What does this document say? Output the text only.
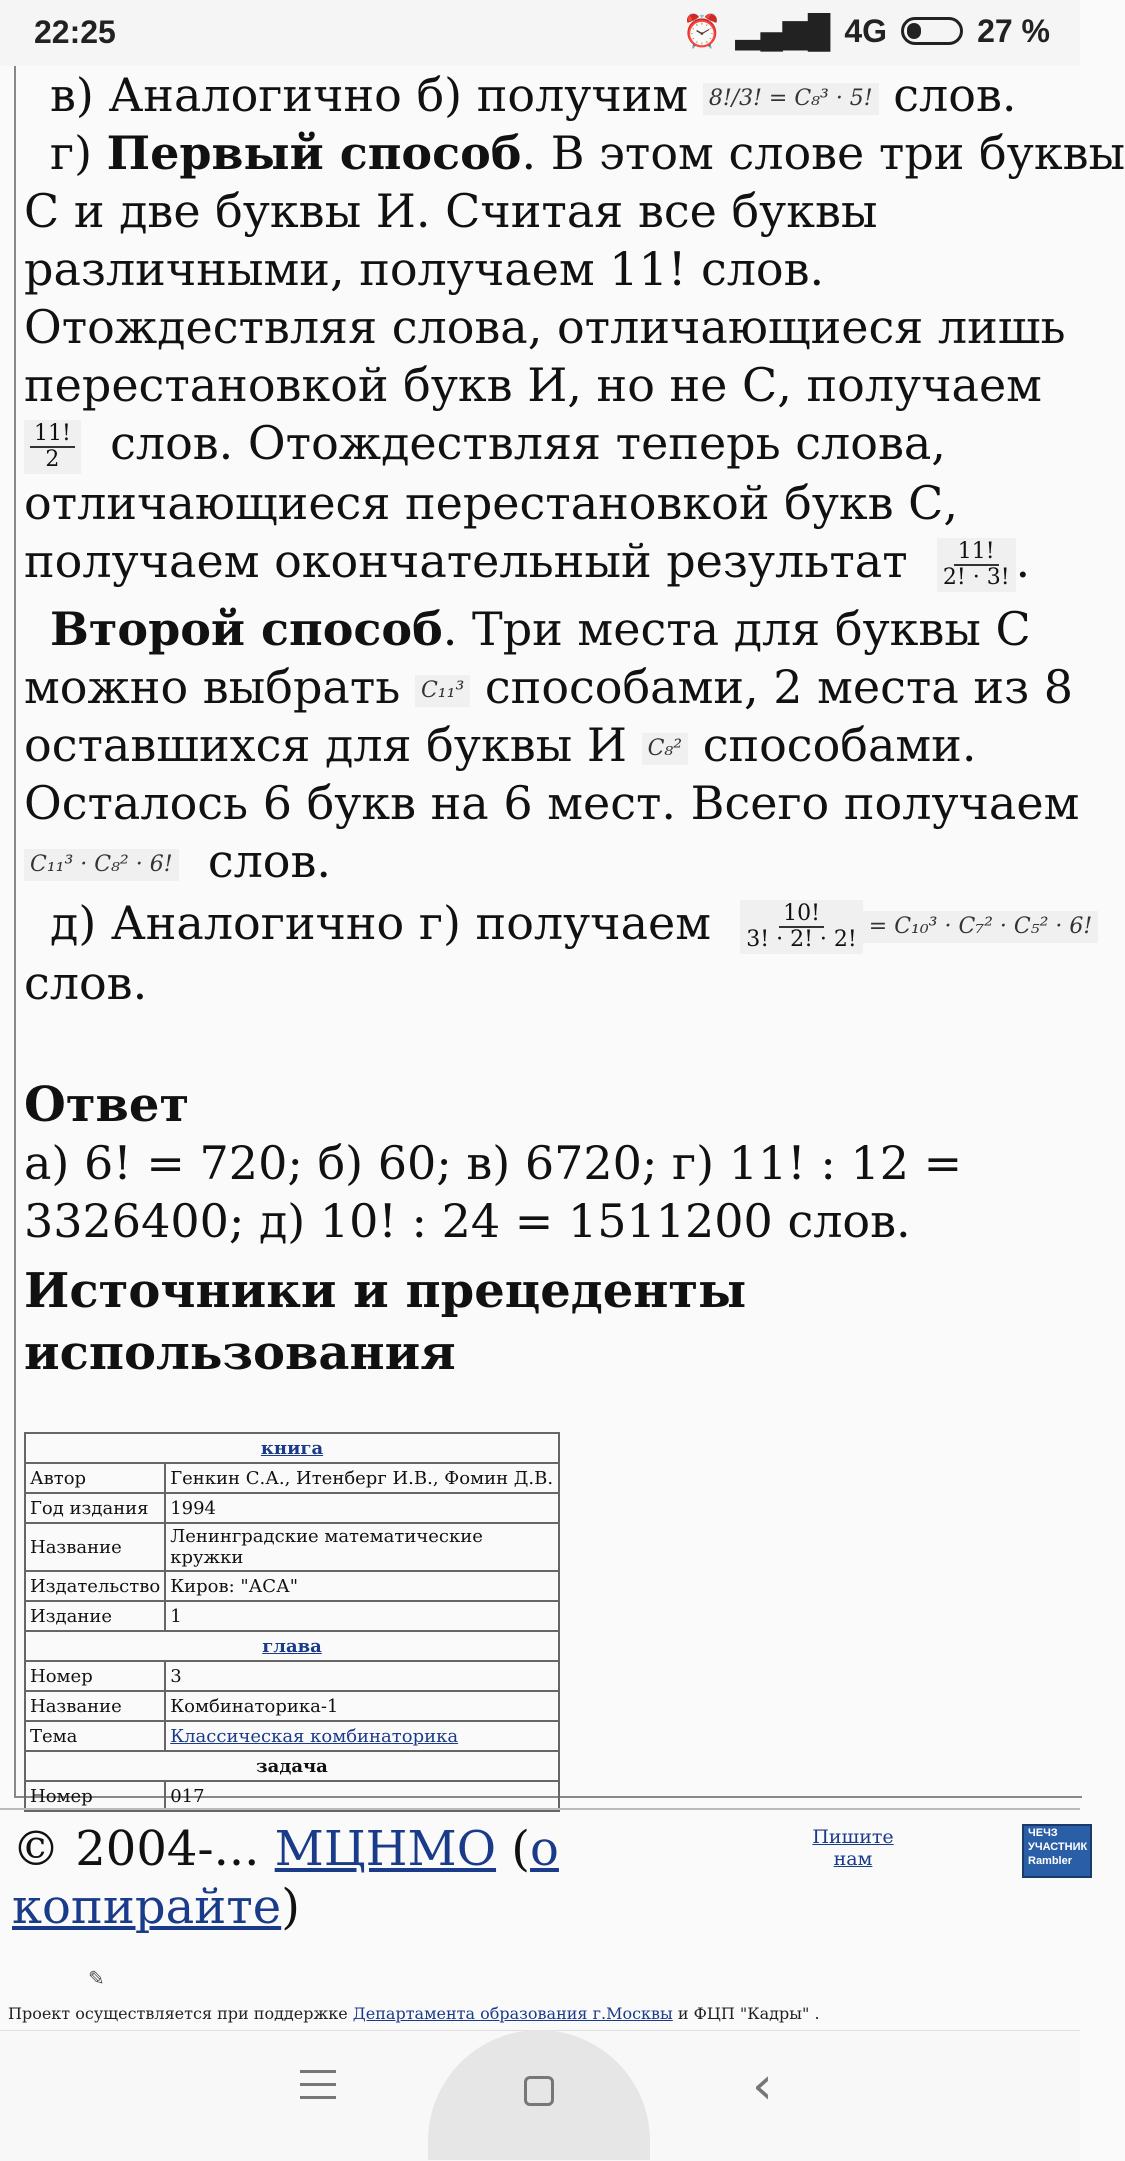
22:25	⏰ ▂▄▆█ 4G	27 %

в) Аналогично б) получим 8!/3! = C₈³ · 5! слов.

г) Первый способ. В этом слове три буквы

С и две буквы И. Считая все буквы

различными, получаем 11! слов.

Отождествляя слова, отличающиеся лишь

перестановкой букв И, но не С, получаем

$\frac{11!}{2}$ слов. Отождествляя теперь слова,

отличающиеся перестановкой букв С,

получаем окончательный результат $\frac{11!}{2! \cdot 3!}$ .

Второй способ. Три места для буквы С

можно выбрать C₁₁³ способами, 2 места из 8

оставшихся для буквы И C₈² способами.

Осталось 6 букв на 6 мест. Всего получаем

C₁₁³ · C₈² · 6! слов.

д) Аналогично г) получаем $\frac{10!}{3! \cdot 2! \cdot 2!} = C_{10}^3 \cdot C_7^2 \cdot C_5^2 \cdot 6$!

слов.

Ответ

а) 6! = 720; б) 60; в) 6720; г) 11! : 12 =

3326400; д) 10! : 24 = 1511200 слов.

Источники и прецеденты использования

книга	
Автор	Генкин С.А., Итенберг И.В., Фомин Д.В.
Год издания	1994
Название	Ленинградские математические кружки
Издательство	Киров: "АСА"
Издание	1
глава	
Номер	3
Название	Комбинаторика-1
Тема	Классическая комбинаторика
задача	
Номер	017
© 2004-... МЦНМО (о копирайте)
Пишите нам
ЧЕЧЗ
УЧАСТНИК
Rambler
✎
Проект осуществляется при поддержке Департамента образования г.Москвы и ФЦП "Кадры" .
‹
